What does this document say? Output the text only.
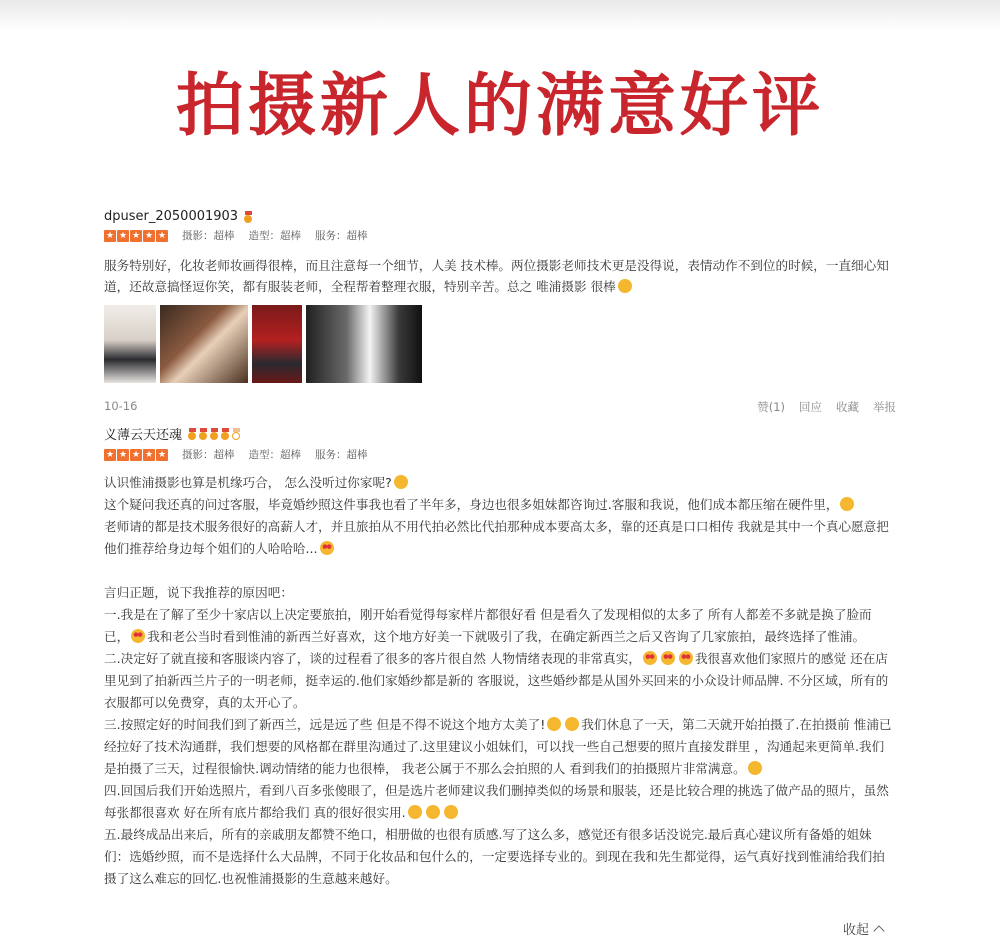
拍摄新人的满意好评
dpuser_2050001903
★ ★ ★ ★ ★ 摄影：超棒 造型：超棒 服务：超棒
服务特别好，化妆老师妆画得很棒，而且注意每一个细节，人美 技术棒。两位摄影老师技术更是没得说，表情动作不到位的时候，一直细心知道，还故意搞怪逗你笑，都有服装老师，全程帮着整理衣服，特别辛苦。总之 唯浦摄影 很棒
10-16	赞(1) 回应 收藏 举报
义薄云天还魂
★ ★ ★ ★ ★ 摄影：超棒 造型：超棒 服务：超棒
认识惟浦摄影也算是机缘巧合， 怎么没听过你家呢?
这个疑问我还真的问过客服，毕竟婚纱照这件事我也看了半年多，身边也很多姐妹都咨询过.客服和我说，他们成本都压缩在硬件里，
老师请的都是技术服务很好的高薪人才，并且旅拍从不用代拍必然比代拍那种成本要高太多，靠的还真是口口相传 我就是其中一个真心愿意把他们推荐给身边每个姐们的人哈哈哈...
言归正题，说下我推荐的原因吧：
一.我是在了解了至少十家店以上决定要旅拍，刚开始看觉得每家样片都很好看 但是看久了发现相似的太多了 所有人都差不多就是换了脸而已， 我和老公当时看到惟浦的新西兰好喜欢，这个地方好美一下就吸引了我，在确定新西兰之后又咨询了几家旅拍，最终选择了惟浦。
二.决定好了就直接和客服谈内容了，谈的过程看了很多的客片很自然 人物情绪表现的非常真实，	我很喜欢他们家照片的感觉 还在店里见到了拍新西兰片子的一明老师，挺幸运的.他们家婚纱都是新的 客服说，这些婚纱都是从国外买回来的小众设计师品牌. 不分区域，所有的衣服都可以免费穿，真的太开心了。
三.按照定好的时间我们到了新西兰，远是远了些 但是不得不说这个地方太美了!	我们休息了一天，第二天就开始拍摄了.在拍摄前 惟浦已经拉好了技术沟通群，我们想要的风格都在群里沟通过了.这里建议小姐妹们，可以找一些自己想要的照片直接发群里 ，沟通起来更简单.我们是拍摄了三天，过程很愉快.调动情绪的能力也很棒， 我老公属于不那么会拍照的人 看到我们的拍摄照片非常满意。
四.回国后我们开始选照片，看到八百多张傻眼了，但是选片老师建议我们删掉类似的场景和服装，还是比较合理的挑选了做产品的照片，虽然每张都很喜欢 好在所有底片都给我们 真的很好很实用.
五.最终成品出来后，所有的亲戚朋友都赞不绝口，相册做的也很有质感.写了这么多，感觉还有很多话没说完.最后真心建议所有备婚的姐妹们：选婚纱照，而不是选择什么大品牌，不同于化妆品和包什么的，一定要选择专业的。到现在我和先生都觉得，运气真好找到惟浦给我们拍摄了这么难忘的回忆.也祝惟浦摄影的生意越来越好。
收起
